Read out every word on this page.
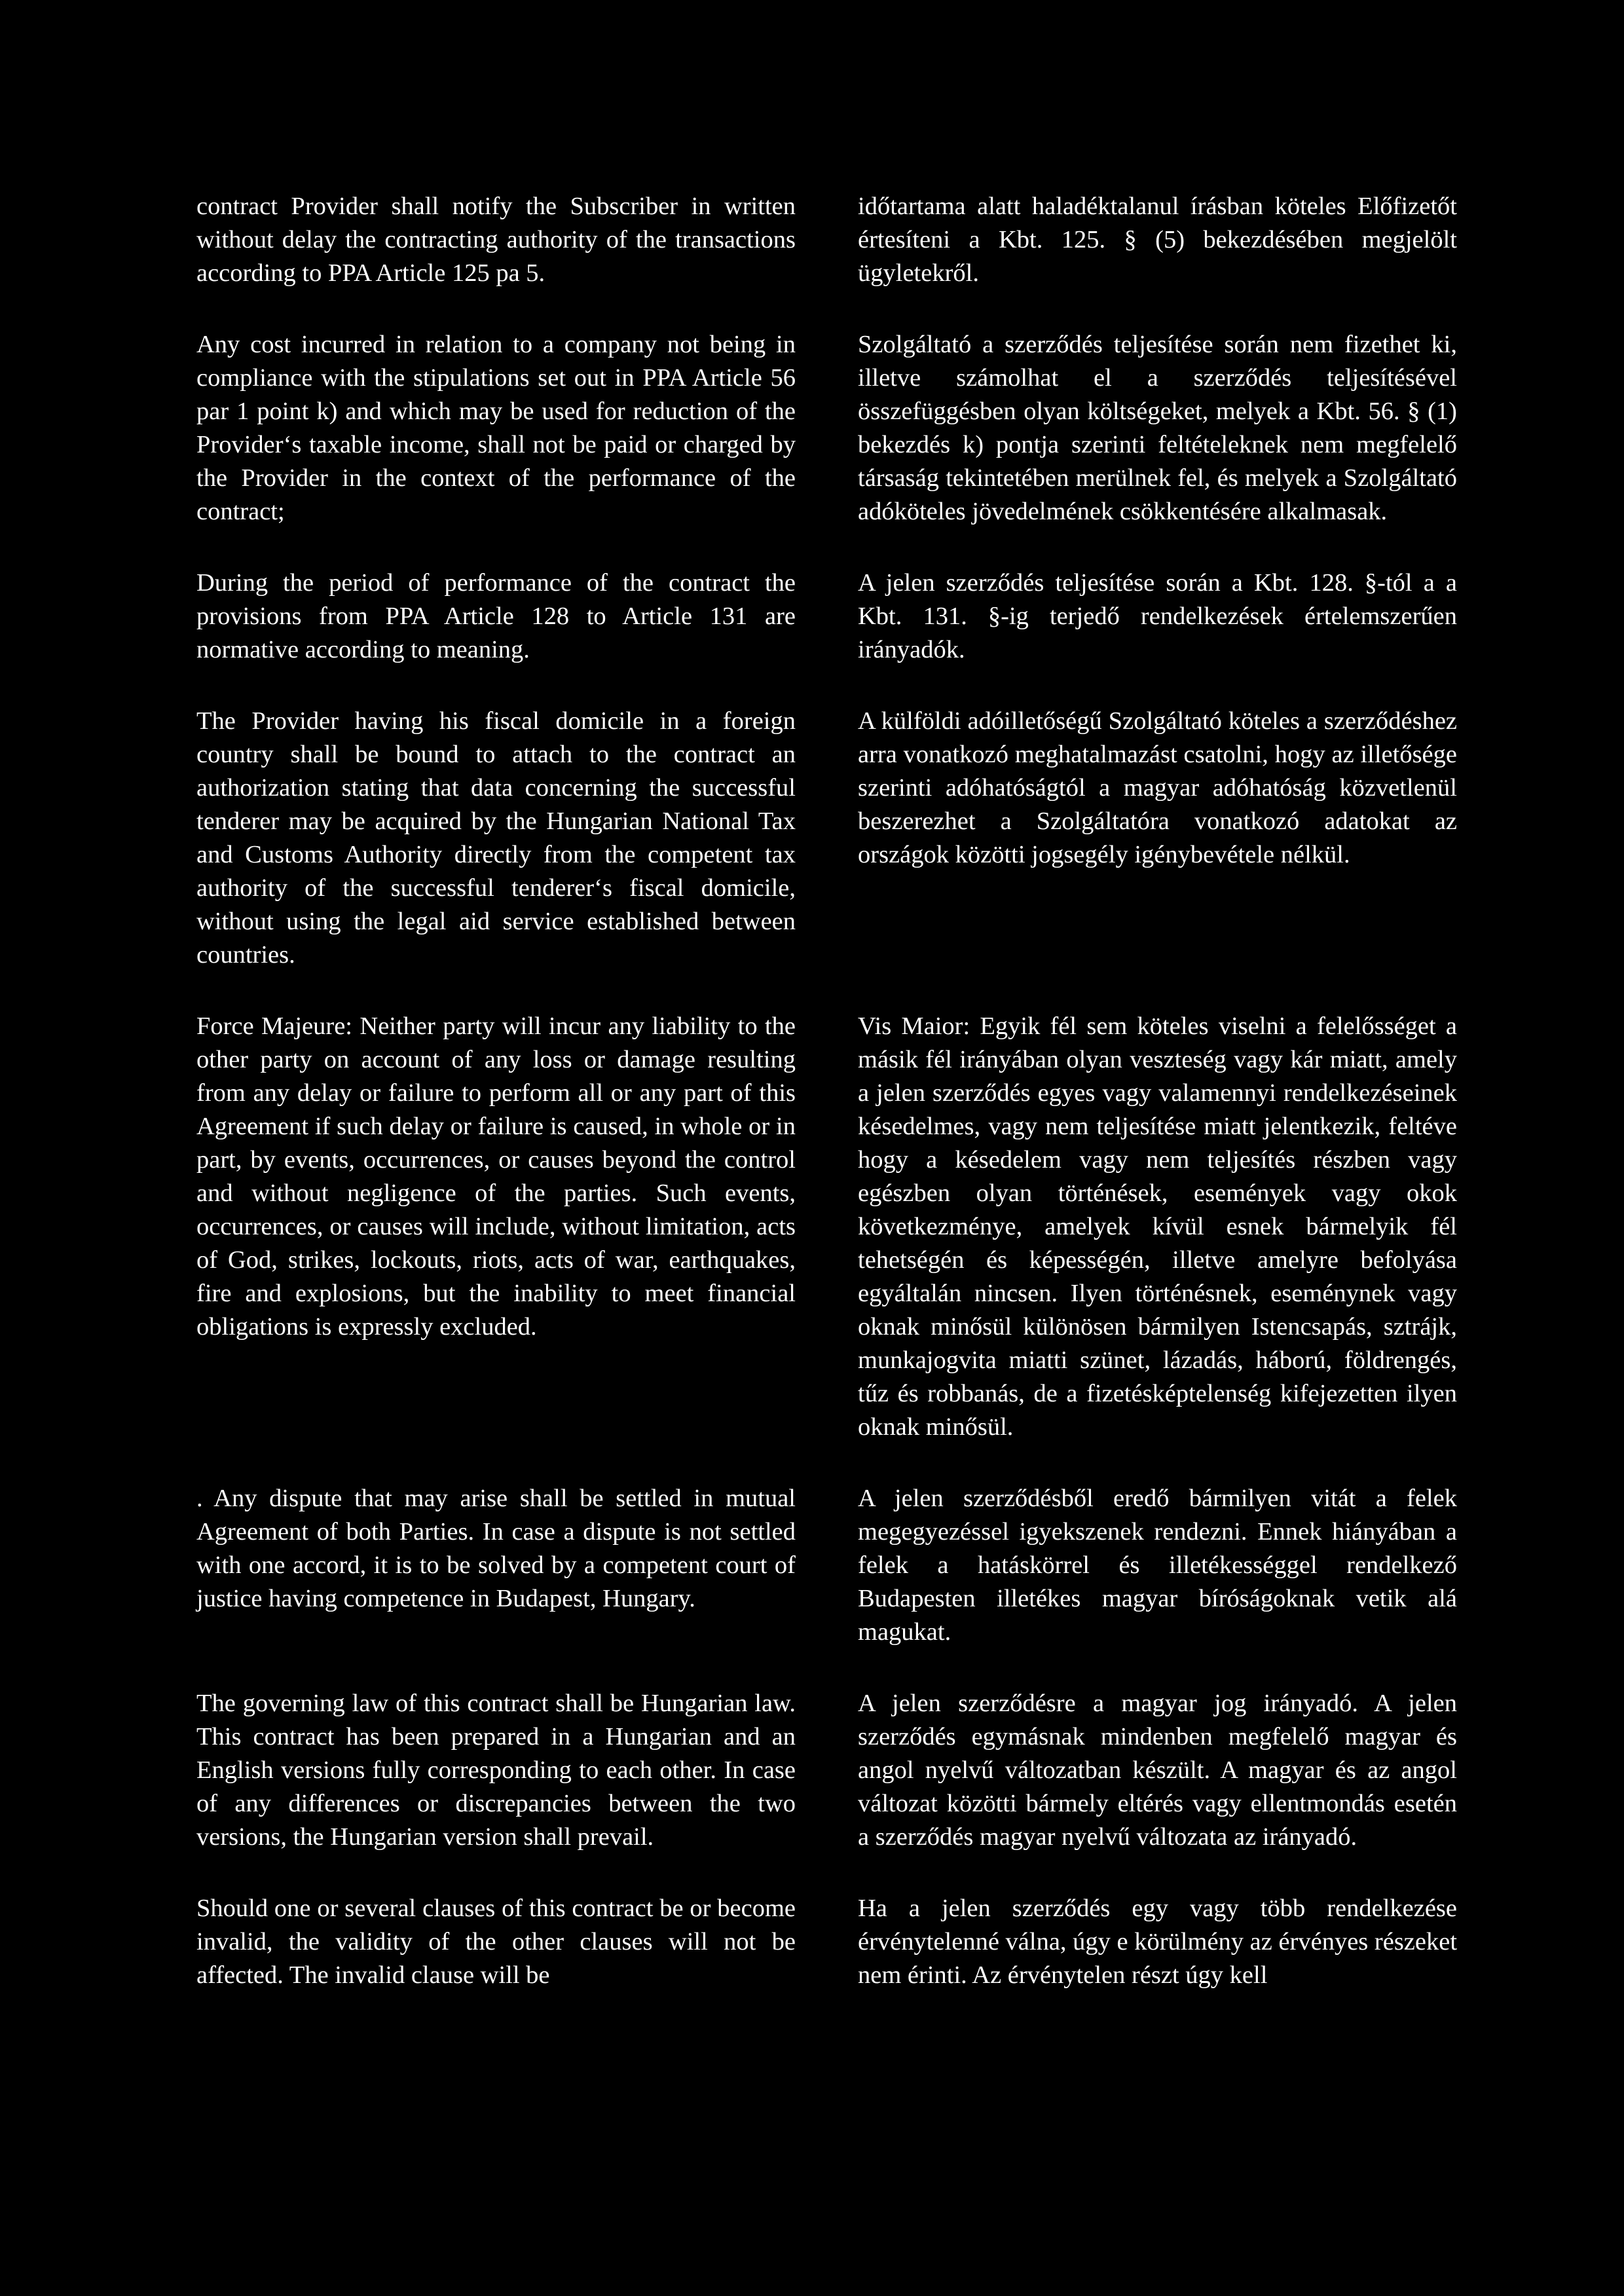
contract Provider shall notify the Subscriber in written without delay the contracting authority of the transactions according to PPA Article 125 pa 5.
időtartama alatt haladéktalanul írásban köteles Előfizetőt értesíteni a Kbt. 125. § (5) bekezdésében megjelölt ügyletekről.
Any cost incurred in relation to a company not being in compliance with the stipulations set out in PPA Article 56 par 1 point k) and which may be used for reduction of the Provider‘s taxable income, shall not be paid or charged by the Provider in the context of the performance of the contract;
Szolgáltató a szerződés teljesítése során nem fizethet ki, illetve számolhat el a szerződés teljesítésével összefüggésben olyan költségeket, melyek a Kbt. 56. § (1) bekezdés k) pontja szerinti feltételeknek nem megfelelő társaság tekintetében merülnek fel, és melyek a Szolgáltató adóköteles jövedelmének csökkentésére alkalmasak.
During the period of performance of the contract the provisions from PPA Article 128 to Article 131 are normative according to meaning.
A jelen szerződés teljesítése során a Kbt. 128. §-tól a a Kbt. 131. §-ig terjedő rendelkezések értelemszerűen irányadók.
The Provider having his fiscal domicile in a foreign country shall be bound to attach to the contract an authorization stating that data concerning the successful tenderer may be acquired by the Hungarian National Tax and Customs Authority directly from the competent tax authority of the successful tenderer‘s fiscal domicile, without using the legal aid service established between countries.
A külföldi adóilletőségű Szolgáltató köteles a szerződéshez arra vonatkozó meghatalmazást csatolni, hogy az illetősége szerinti adóhatóságtól a magyar adóhatóság közvetlenül beszerezhet a Szolgáltatóra vonatkozó adatokat az országok közötti jogsegély igénybevétele nélkül.
Force Majeure: Neither party will incur any liability to the other party on account of any loss or damage resulting from any delay or failure to perform all or any part of this Agreement if such delay or failure is caused, in whole or in part, by events, occurrences, or causes beyond the control and without negligence of the parties. Such events, occurrences, or causes will include, without limitation, acts of God, strikes, lockouts, riots, acts of war, earthquakes, fire and explosions, but the inability to meet financial obligations is expressly excluded.
Vis Maior: Egyik fél sem köteles viselni a felelősséget a másik fél irányában olyan veszteség vagy kár miatt, amely a jelen szerződés egyes vagy valamennyi rendelkezéseinek késedelmes, vagy nem teljesítése miatt jelentkezik, feltéve hogy a késedelem vagy nem teljesítés részben vagy egészben olyan történések, események vagy okok következménye, amelyek kívül esnek bármelyik fél tehetségén és képességén, illetve amelyre befolyása egyáltalán nincsen. Ilyen történésnek, eseménynek vagy oknak minősül különösen bármilyen Istencsapás, sztrájk, munkajogvita miatti szünet, lázadás, háború, földrengés, tűz és robbanás, de a fizetésképtelenség kifejezetten ilyen oknak minősül.
. Any dispute that may arise shall be settled in mutual Agreement of both Parties. In case a dispute is not settled with one accord, it is to be solved by a competent court of justice having competence in Budapest, Hungary.
A jelen szerződésből eredő bármilyen vitát a felek megegyezéssel igyekszenek rendezni. Ennek hiányában a felek a hatáskörrel és illetékességgel rendelkező Budapesten illetékes magyar bíróságoknak vetik alá magukat.
The governing law of this contract shall be Hungarian law. This contract has been prepared in a Hungarian and an English versions fully corresponding to each other. In case of any differences or discrepancies between the two versions, the Hungarian version shall prevail.
A jelen szerződésre a magyar jog irányadó. A jelen szerződés egymásnak mindenben megfelelő magyar és angol nyelvű változatban készült. A magyar és az angol változat közötti bármely eltérés vagy ellentmondás esetén a szerződés magyar nyelvű változata az irányadó.
Should one or several clauses of this contract be or become invalid, the validity of the other clauses will not be affected. The invalid clause will be
Ha a jelen szerződés egy vagy több rendelkezése érvénytelenné válna, úgy e körülmény az érvényes részeket nem érinti. Az érvénytelen részt úgy kell
